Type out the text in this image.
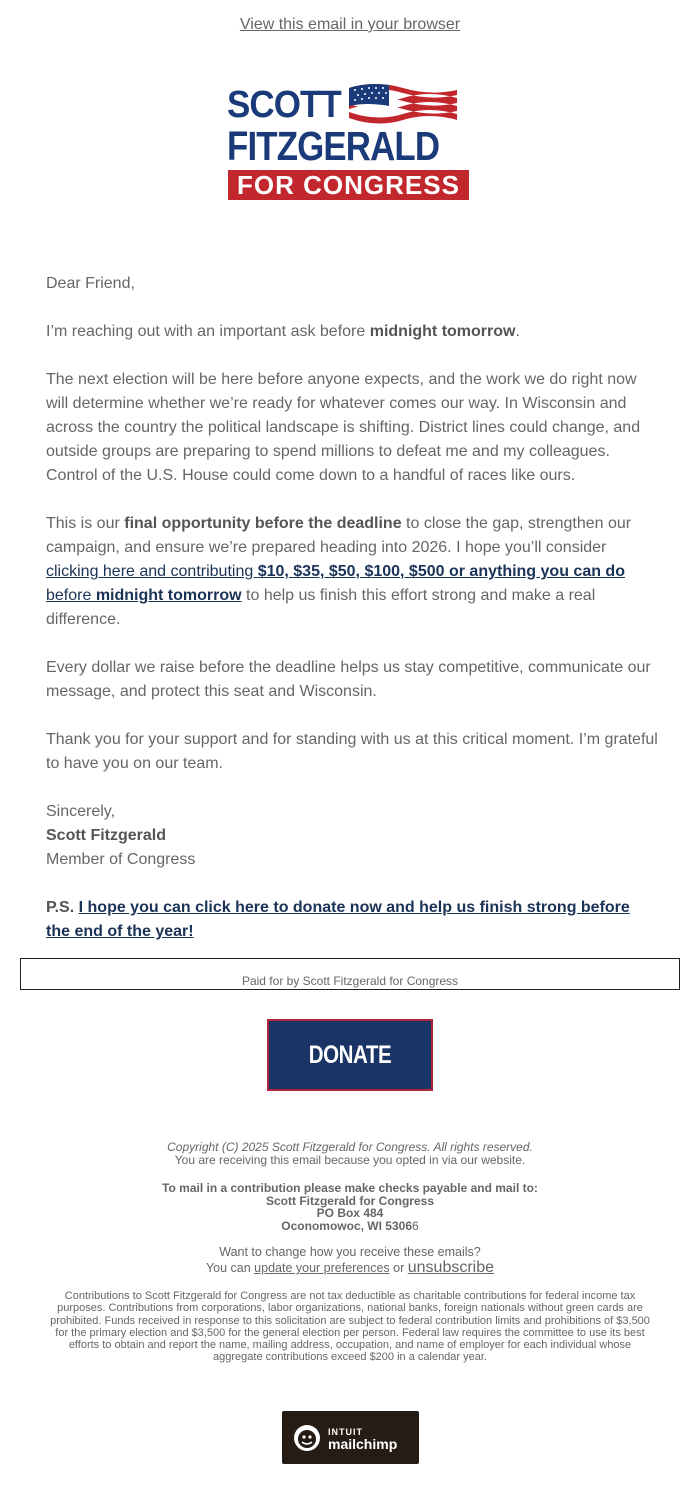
View this email in your browser
SCOTT
FITZGERALD
FOR CONGRESS

Dear Friend,

I’m reaching out with an important ask before midnight tomorrow.

The next election will be here before anyone expects, and the work we do right now will determine whether we’re ready for whatever comes our way. In Wisconsin and across the country the political landscape is shifting. District lines could change, and outside groups are preparing to spend millions to defeat me and my colleagues. Control of the U.S. House could come down to a handful of races like ours.

This is our final opportunity before the deadline to close the gap, strengthen our campaign, and ensure we’re prepared heading into 2026. I hope you’ll consider clicking here and contributing $10, $35, $50, $100, $500 or anything you can do before midnight tomorrow to help us finish this effort strong and make a real difference.

Every dollar we raise before the deadline helps us stay competitive, communicate our message, and protect this seat and Wisconsin.

Thank you for your support and for standing with us at this critical moment. I’m grateful to have you on our team.

Sincerely,
Scott Fitzgerald
Member of Congress
P.S. I hope you can click here to donate now and help us finish strong before the end of the year!
Paid for by Scott Fitzgerald for Congress
DONATE HERE
Copyright (C) 2025 Scott Fitzgerald for Congress. All rights reserved.
You are receiving this email because you opted in via our website.
To mail in a contribution please make checks payable and mail to:
Scott Fitzgerald for Congress
PO Box 484
Oconomowoc, WI 53066
Want to change how you receive these emails?
You can update your preferences or unsubscribe
Contributions to Scott Fitzgerald for Congress are not tax deductible as charitable contributions for federal income tax purposes. Contributions from corporations, labor organizations, national banks, foreign nationals without green cards are prohibited. Funds received in response to this solicitation are subject to federal contribution limits and prohibitions of $3,500 for the primary election and $3,500 for the general election per person. Federal law requires the committee to use its best efforts to obtain and report the name, mailing address, occupation, and name of employer for each individual whose aggregate contributions exceed $200 in a calendar year.
INTUIT
mailchimp
